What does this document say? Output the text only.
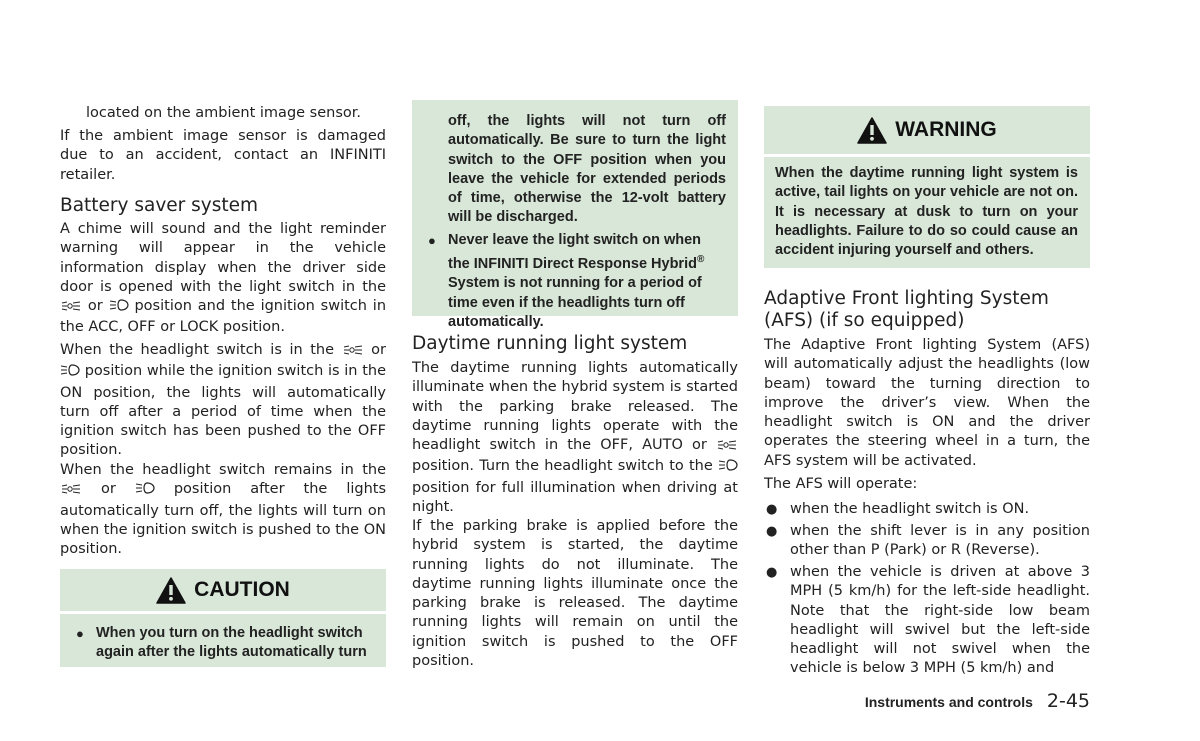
located on the ambient image sensor.

If the ambient image sensor is damaged due to an accident, contact an INFINITI retailer.

Battery saver system

A chime will sound and the light reminder warning will appear in the vehicle information display when the driver side door is opened with the light switch in the  or position and the ignition switch in the ACC, OFF or LOCK position.

When the headlight switch is in the	or  position while the ignition switch is in the ON position, the lights will automatically turn off after a period of time when the ignition switch has been pushed to the OFF position.

When the headlight switch remains in the  or	position after the lights automatically turn off, the lights will turn on when the ignition switch is pushed to the ON position.

CAUTION
● When you turn on the headlight switch again after the lights automatically turn
off, the lights will not turn off automatically. Be sure to turn the light switch to the OFF position when you leave the vehicle for extended periods of time, otherwise the 12-volt battery will be discharged.
● Never leave the light switch on when the INFINITI Direct Response Hybrid® System is not running for a period of time even if the headlights turn off automatically.
Daytime running light system

The daytime running lights automatically illuminate when the hybrid system is started with the parking brake released. The daytime running lights operate with the headlight switch in the OFF, AUTO or  position. Turn the headlight switch to the  position for full illumination when driving at night.

If the parking brake is applied before the hybrid system is started, the daytime running lights do not illuminate. The daytime running lights illuminate once the parking brake is released. The daytime running lights will remain on until the ignition switch is pushed to the OFF position.

WARNING
When the daytime running light system is active, tail lights on your vehicle are not on. It is necessary at dusk to turn on your headlights. Failure to do so could cause an accident injuring yourself and others.
Adaptive Front lighting System (AFS) (if so equipped)

The Adaptive Front lighting System (AFS) will automatically adjust the headlights (low beam) toward the turning direction to improve the driver’s view. When the headlight switch is ON and the driver operates the steering wheel in a turn, the AFS system will be activated.

The AFS will operate:

● when the headlight switch is ON.
● when the shift lever is in any position other than P (Park) or R (Reverse).
● when the vehicle is driven at above 3 MPH (5 km/h) for the left-side headlight. Note that the right-side low beam headlight will swivel but the left-side headlight will not swivel when the vehicle is below 3 MPH (5 km/h) and
Instruments and controls 2-45
